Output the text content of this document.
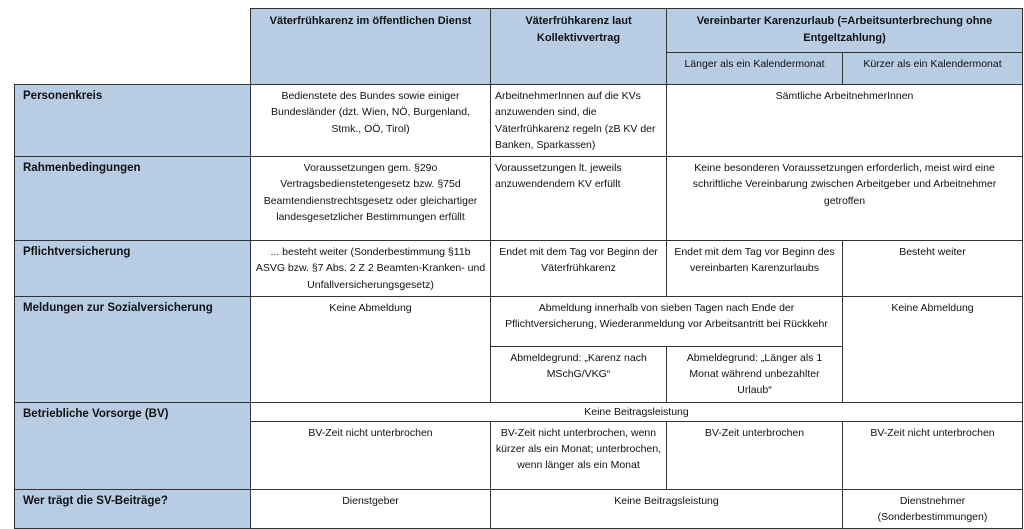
	Väterfrühkarenz im öffentlichen Dienst	Väterfrühkarenz laut Kollektivvertrag	Vereinbarter Karenzurlaub (=Arbeitsunterbrechung ohne Entgeltzahlung)	
			Länger als ein Kalendermonat	Kürzer als ein Kalendermonat
Personenkreis	Bedienstete des Bundes sowie einiger Bundesländer (dzt. Wien, NÖ, Burgenland, Stmk., OÖ, Tirol)	ArbeitnehmerInnen auf die KVs anzuwenden sind, die Väterfrühkarenz regeln (zB KV der Banken, Sparkassen)	Sämtliche ArbeitnehmerInnen	
Rahmenbedingungen	Voraussetzungen gem. §29o Vertragsbedienstetengesetz bzw. §75d Beamtendienstrechtsgesetz oder gleichartiger landesgesetzlicher Bestimmungen erfüllt	Voraussetzungen lt. jeweils anzuwendendem KV erfüllt	Keine besonderen Voraussetzungen erforderlich, meist wird eine schriftliche Vereinbarung zwischen Arbeitgeber und Arbeitnehmer getroffen	
Pflichtversicherung	... besteht weiter (Sonderbestimmung §11b ASVG bzw. §7 Abs. 2 Z 2 Beamten-Kranken- und Unfallversicherungsgesetz)	Endet mit dem Tag vor Beginn der Väterfrühkarenz	Endet mit dem Tag vor Beginn des vereinbarten Karenzurlaubs	Besteht weiter
Meldungen zur Sozialversicherung	Keine Abmeldung	Abmeldung innerhalb von sieben Tagen nach Ende der Pflichtversicherung, Wiederanmeldung vor Arbeitsantritt bei Rückkehr		Keine Abmeldung
		Abmeldegrund: „Karenz nach MSchG/VKG“	Abmeldegrund: „Länger als 1 Monat während unbezahlter Urlaub“	
Betriebliche Vorsorge (BV)	Keine Beitragsleistung			
	BV-Zeit nicht unterbrochen	BV-Zeit nicht unterbrochen, wenn kürzer als ein Monat; unterbrochen, wenn länger als ein Monat	BV-Zeit unterbrochen	BV-Zeit nicht unterbrochen
Wer trägt die SV-Beiträge?	Dienstgeber	Keine Beitragsleistung		Dienstnehmer (Sonderbestimmungen)
